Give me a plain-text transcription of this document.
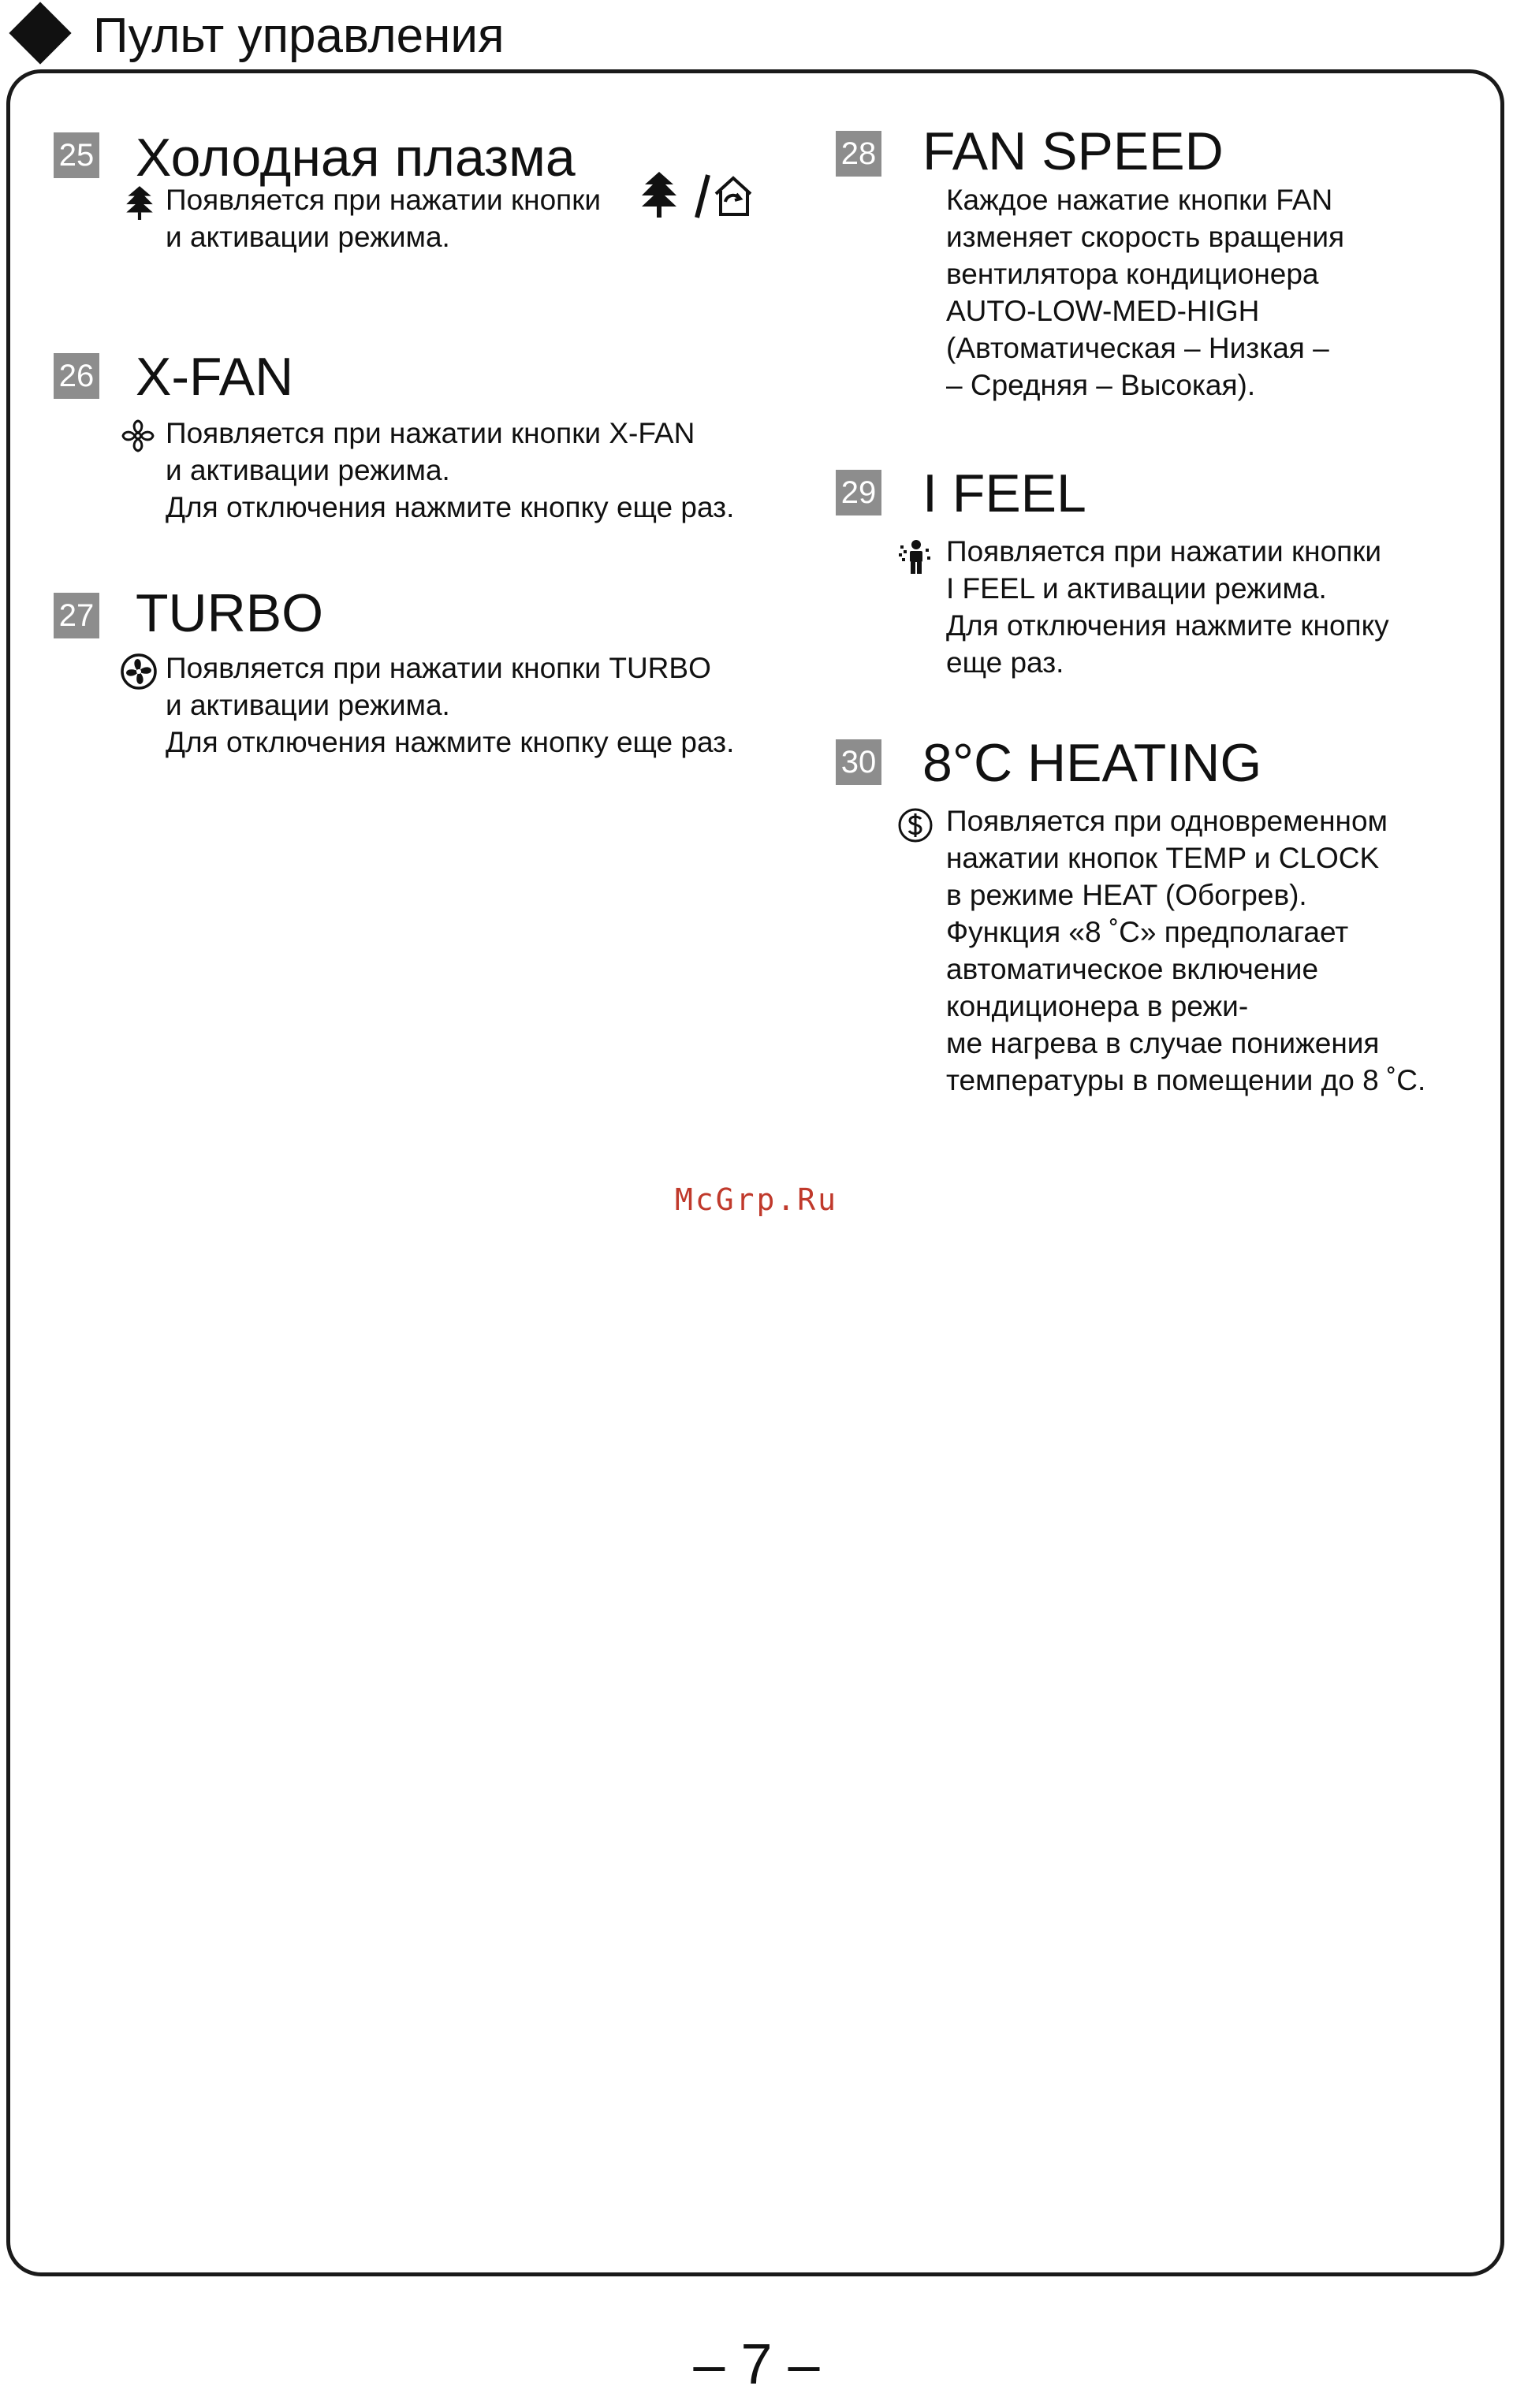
Пульт управления
25 Холодная плазма
Появляется при нажатии кнопки
и активации режима.
26 X-FAN
Появляется при нажатии кнопки X-FAN
и активации режима.
Для отключения нажмите кнопку еще раз.
27 TURBO
Появляется при нажатии кнопки TURBO
и активации режима.
Для отключения нажмите кнопку еще раз.
28 FAN SPEED
Каждое нажатие кнопки FAN
изменяет скорость вращения
вентилятора кондиционера
AUTO-LOW-MED-HIGH
(Автоматическая – Низкая –
– Средняя – Высокая).
29 I FEEL
Появляется при нажатии кнопки
I FEEL и активации режима.
Для отключения нажмите кнопку
еще раз.
30 8°C HEATING
Появляется при одновременном
нажатии кнопок TEMP и CLOCK
в режиме HEAT (Обогрев).
Функция «8 ˚С» предполагает
автоматическое включение
кондиционера в режи-
ме нагрева в случае понижения
температуры в помещении до 8 ˚С.
McGrp.Ru
– 7 –
